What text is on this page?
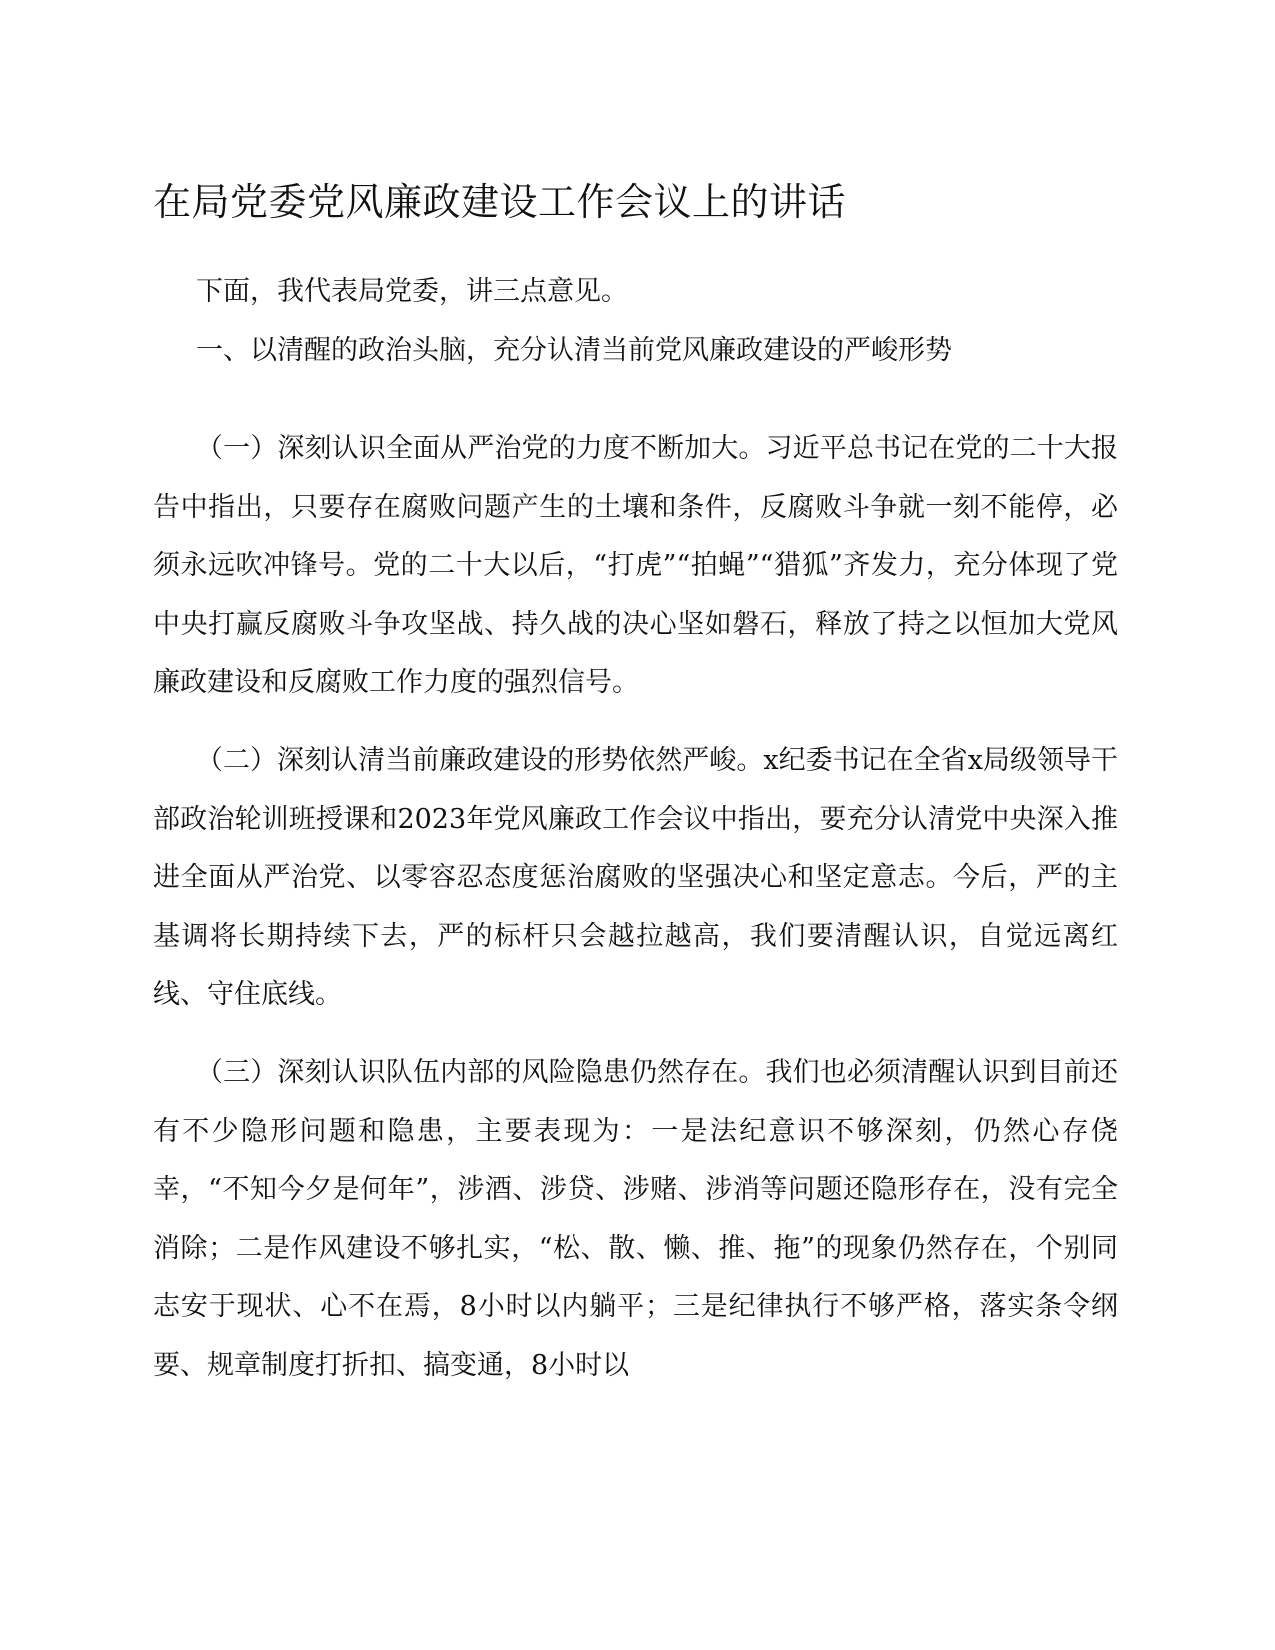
在局党委党风廉政建设工作会议上的讲话

下面，我代表局党委，讲三点意见。

一、以清醒的政治头脑，充分认清当前党风廉政建设的严峻形势

（一）深刻认识全面从严治党的力度不断加大。习近平总书记在党的二十大报告中指出，只要存在腐败问题产生的土壤和条件，反腐败斗争就一刻不能停，必须永远吹冲锋号。党的二十大以后，“打虎”“拍蝇”“猎狐”齐发力，充分体现了党中央打赢反腐败斗争攻坚战、持久战的决心坚如磐石，释放了持之以恒加大党风廉政建设和反腐败工作力度的强烈信号。

（二）深刻认清当前廉政建设的形势依然严峻。x纪委书记在全省x局级领导干部政治轮训班授课和2023年党风廉政工作会议中指出，要充分认清党中央深入推进全面从严治党、以零容忍态度惩治腐败的坚强决心和坚定意志。今后，严的主基调将长期持续下去，严的标杆只会越拉越高，我们要清醒认识，自觉远离红线、守住底线。

（三）深刻认识队伍内部的风险隐患仍然存在。我们也必须清醒认识到目前还有不少隐形问题和隐患，主要表现为：一是法纪意识不够深刻，仍然心存侥幸，“不知今夕是何年”，涉酒、涉贷、涉赌、涉消等问题还隐形存在，没有完全消除；二是作风建设不够扎实，“松、散、懒、推、拖”的现象仍然存在，个别同志安于现状、心不在焉，8小时以内躺平；三是纪律执行不够严格，落实条令纲要、规章制度打折扣、搞变通，8小时以
